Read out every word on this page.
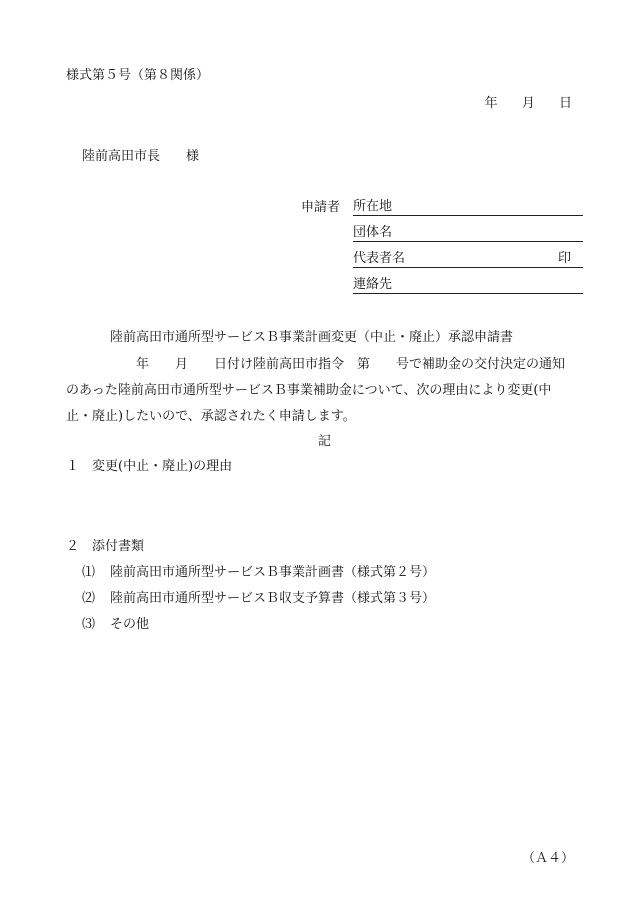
様式第５号（第８関係）
年 月 日
陸前高田市長 様
申請者 所在地
団体名
代表者名	印
連絡先
陸前高田市通所型サービスＢ事業計画変更（中止・廃止）承認申請書

年　　月　　日付け陸前高田市指令　第　　号で補助金の交付決定の通知

のあった陸前高田市通所型サービスＢ事業補助金について、次の理由により変更(中

止・廃止)したいので、承認されたく申請します。

記
１　変更(中止・廃止)の理由
２　添付書類
⑴ 陸前高田市通所型サービスＢ事業計画書（様式第２号）
⑵ 陸前高田市通所型サービスＢ収支予算書（様式第３号）
⑶ その他
（Ａ４）
